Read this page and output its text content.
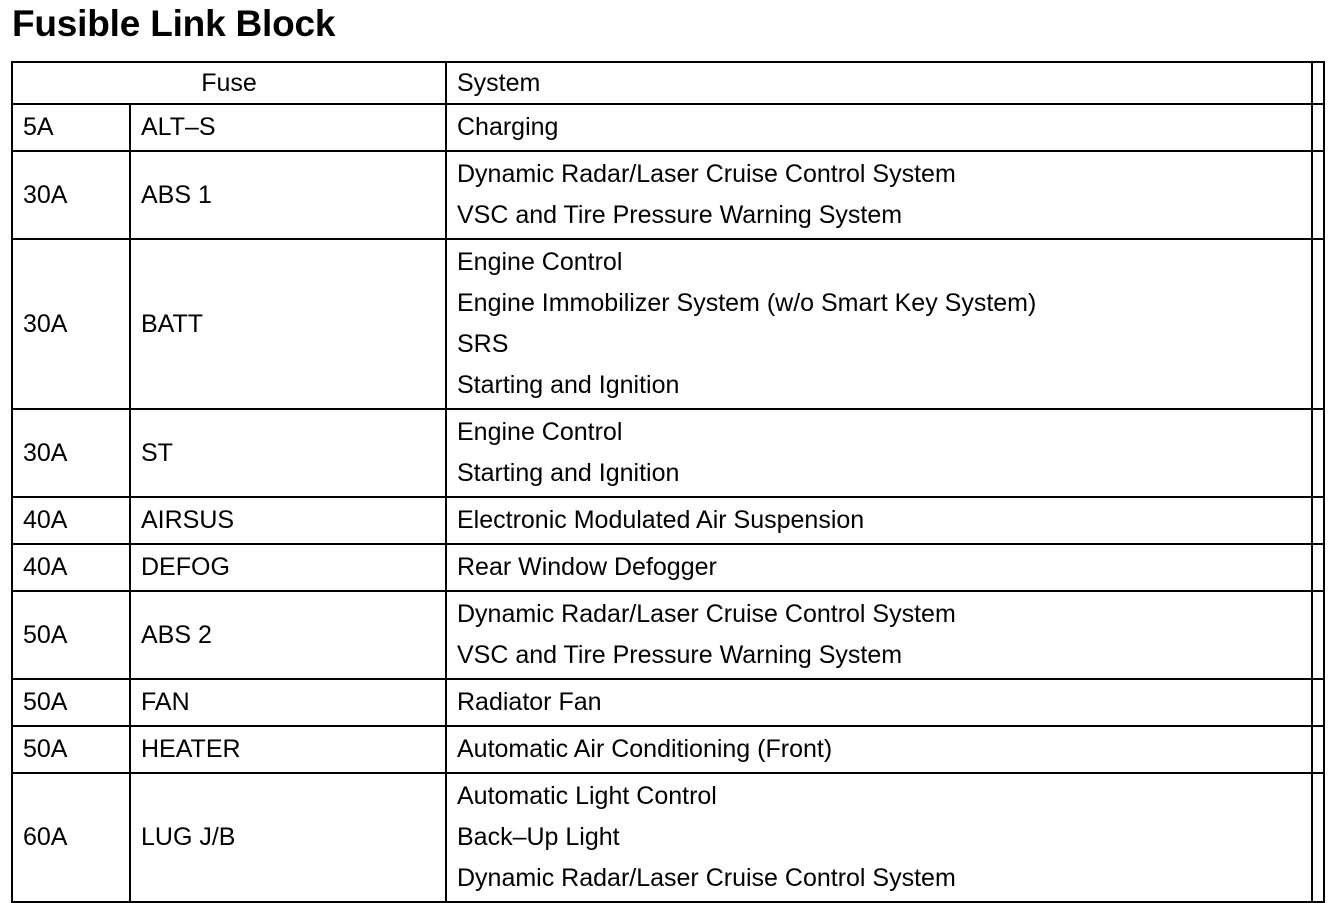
Fusible Link Block
Fuse		System	
5A	ALT–S	Charging	

30A	ABS 1	Dynamic Radar/Laser Cruise Control System
VSC and Tire Pressure Warning System	

30A	BATT	Engine Control
Engine Immobilizer System (w/o Smart Key System)
SRS
Starting and Ignition	

30A	ST	Engine Control
Starting and Ignition	

40A	AIRSUS	Electronic Modulated Air Suspension	

40A	DEFOG	Rear Window Defogger	

50A	ABS 2	Dynamic Radar/Laser Cruise Control System
VSC and Tire Pressure Warning System	

50A	FAN	Radiator Fan	

50A	HEATER	Automatic Air Conditioning (Front)	

60A	LUG J/B	Automatic Light Control
Back–Up Light
Dynamic Radar/Laser Cruise Control System	
